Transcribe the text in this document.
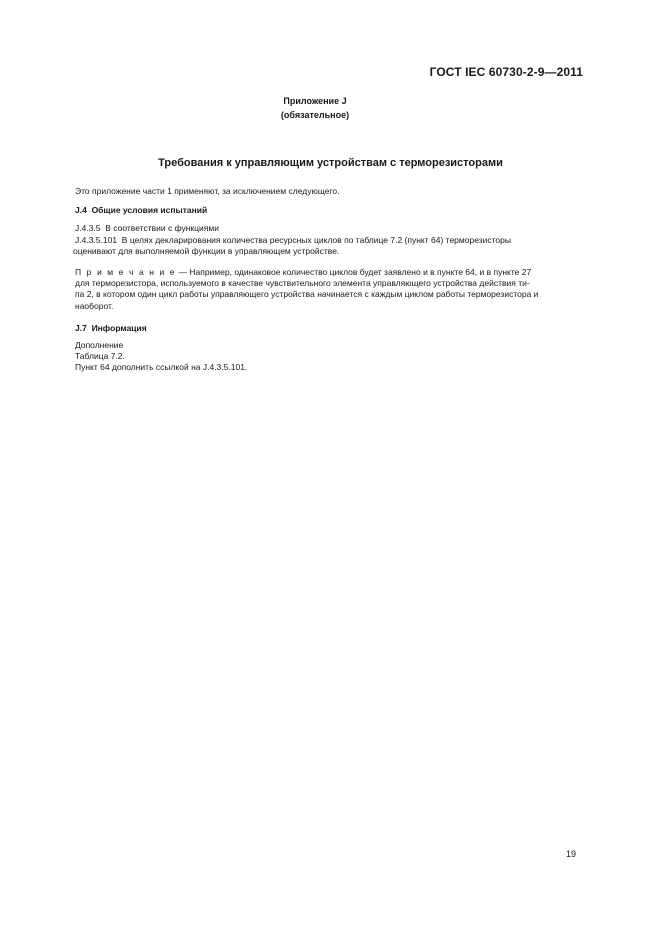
ГОСТ IEC 60730-2-9—2011
Приложение J
(обязательное)
Требования к управляющим устройствам с терморезисторами
Это приложение части 1 применяют, за исключением следующего.
J.4 Общие условия испытаний
J.4.3.5 В соответствии с функциями
J.4.3.5.101 В целях декларирования количества ресурсных циклов по таблице 7.2 (пункт 64) терморезисторы
оценивают для выполняемой функции в управляющем устройстве.
П р и м е ч а н и е — Например, одинаковое количество циклов будет заявлено и в пункте 64, и в пункте 27
для терморезистора, используемого в качестве чувствительного элемента управляющего устройства действия ти-
па 2, в котором один цикл работы управляющего устройства начинается с каждым циклом работы терморезистора и
наоборот.
J.7 Информация
Дополнение
Таблица 7.2.
Пункт 64 дополнить ссылкой на J.4.3.5.101.
19
